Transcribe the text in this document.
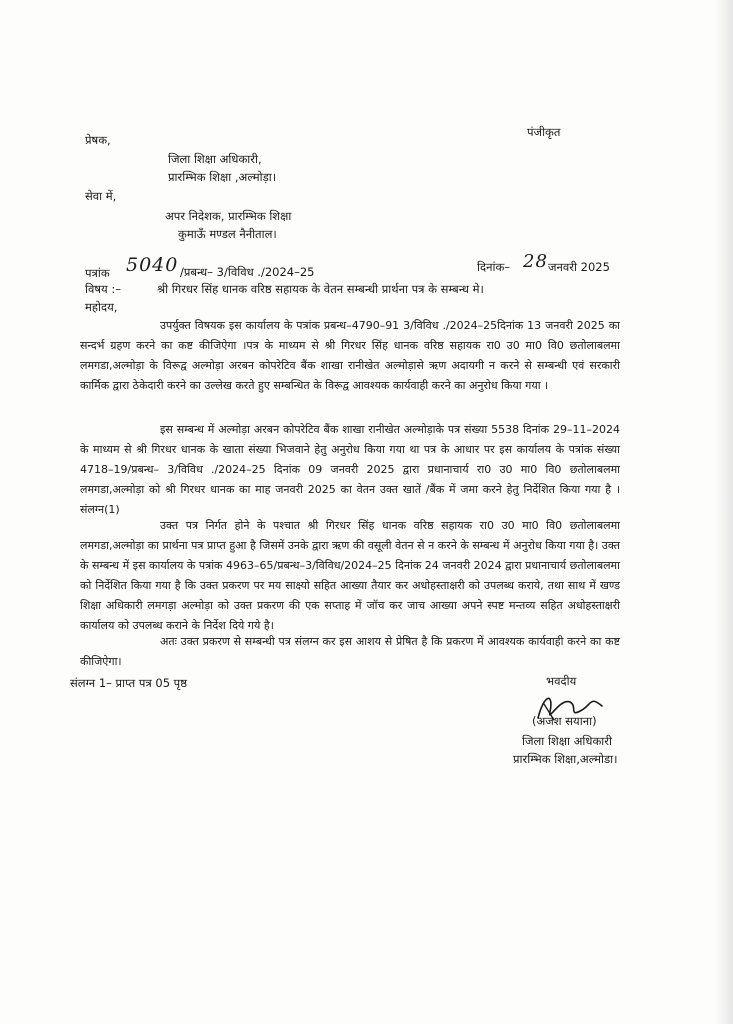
पंजीकृत
प्रेषक,
जिला शिक्षा अधिकारी,
प्रारम्भिक शिक्षा ,अल्मोड़ा।
सेवा में,
अपर निदेशक, प्रारम्भिक शिक्षा
कुमाऊँ मण्डल नैनीताल।
पत्रांक 5040 /प्रबन्ध– 3/विविध ./2024–25	दिनांक– 28 जनवरी 2025
विषय :–	श्री गिरधर सिंह धानक वरिष्ठ सहायक के वेतन सम्बन्धी प्रार्थना पत्र के सम्बन्ध मे।
महोदय,
उपर्युक्त विषयक इस कार्यालय के पत्रांक प्रबन्ध–4790–91 3/विविध ./2024–25दिनांक 13 जनवरी 2025 का सन्दर्भ ग्रहण करने का कष्ट कीजिऐगा ।पत्र के माध्यम से श्री गिरधर सिंह धानक वरिष्ठ सहायक रा0 उ0 मा0 वि0 छतोलाबलमा लमगडा,अल्मोड़ा के विरूद्व अल्मोड़ा अरबन कोपरेटिव बैंक शाखा रानीखेत अल्मोड़ासे ऋण अदायगी न करने से सम्बन्धी एवं सरकारी कार्मिक द्वारा ठेकेदारी करने का उल्लेख करते हुए सम्बन्धित के विरूद्व आवश्यक कार्यवाही करने का अनुरोध किया गया ।
इस सम्बन्ध में अल्मोड़ा अरबन कोपरेटिव बैंक शाखा रानीखेत अल्मोड़ाके पत्र संख्या 5538 दिनांक 29–11–2024 के माध्यम से श्री गिरधर धानक के खाता संख्या भिजवाने हेतु अनुरोध किया गया था पत्र के आधार पर इस कार्यालय के पत्रांक संख्या 4718–19/प्रबन्ध– 3/विविध ./2024–25 दिनांक 09 जनवरी 2025 द्वारा प्रधानाचार्य रा0 उ0 मा0 वि0 छतोलाबलमा लमगडा,अल्मोड़ा को श्री गिरधर धानक का माह जनवरी 2025 का वेतन उक्त खातें /बैंक में जमा करने हेतु निर्देशित किया गया है । संलग्न(1)
उक्त पत्र निर्गत होने के पश्चात श्री गिरधर सिंह धानक वरिष्ठ सहायक रा0 उ0 मा0 वि0 छतोलाबलमा लमगडा,अल्मोड़ा का प्रार्थना पत्र प्राप्त हुआ है जिसमें उनके द्वारा ऋण की वसूली वेतन से न करने के सम्बन्ध में अनुरोध किया गया है। उक्त के सम्बन्ध में इस कार्यालय के पत्रांक 4963–65/प्रबन्ध–3/विविध/2024–25 दिनांक 24 जनवरी 2024 द्वारा प्रधानाचार्य छतोलाबलमा को निर्देशित किया गया है कि उक्त प्रकरण पर मय साक्ष्यो सहित आख्या तैयार कर अधोहस्ताक्षरी को उपलब्ध कराये, तथा साथ में खण्ड शिक्षा अधिकारी लमगड़ा अल्मोड़ा को उक्त प्रकरण की एक सप्ताह में जॉच कर जाच आख्या अपने स्पष्ट मन्तव्य सहित अधोहस्ताक्षरी कार्यालय को उपलब्ध कराने के निर्देश दिये गये है।
अतः उक्त प्रकरण से सम्बन्धी पत्र संलग्न कर इस आशय से प्रेषित है कि प्रकरण में आवश्यक कार्यवाही करने का कष्ट कीजिऐगा।
संलग्न 1– प्राप्त पत्र 05 पृष्ठ	भवदीय
(अजेश सयाना)
जिला शिक्षा अधिकारी
प्रारम्भिक शिक्षा,अल्मोडा।
